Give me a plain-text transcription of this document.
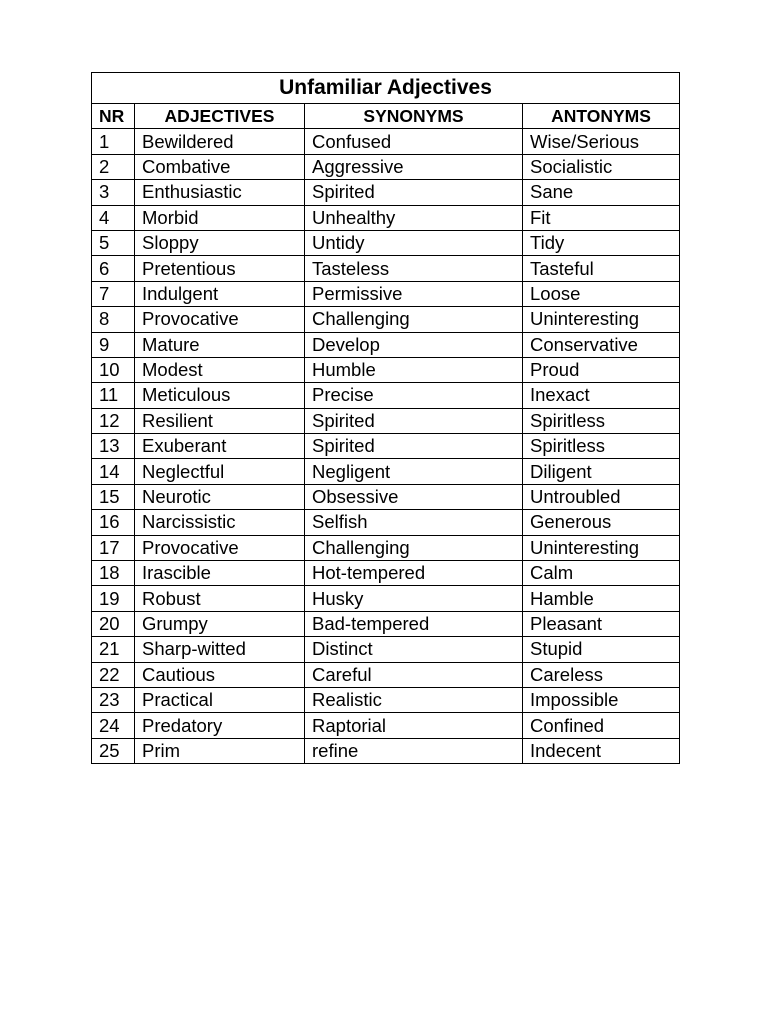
Unfamiliar Adjectives			
NR	ADJECTIVES	SYNONYMS	ANTONYMS
1	Bewildered	Confused	Wise/Serious
2	Combative	Aggressive	Socialistic
3	Enthusiastic	Spirited	Sane
4	Morbid	Unhealthy	Fit
5	Sloppy	Untidy	Tidy
6	Pretentious	Tasteless	Tasteful
7	Indulgent	Permissive	Loose
8	Provocative	Challenging	Uninteresting
9	Mature	Develop	Conservative
10	Modest	Humble	Proud
11	Meticulous	Precise	Inexact
12	Resilient	Spirited	Spiritless
13	Exuberant	Spirited	Spiritless
14	Neglectful	Negligent	Diligent
15	Neurotic	Obsessive	Untroubled
16	Narcissistic	Selfish	Generous
17	Provocative	Challenging	Uninteresting
18	Irascible	Hot-tempered	Calm
19	Robust	Husky	Hamble
20	Grumpy	Bad-tempered	Pleasant
21	Sharp-witted	Distinct	Stupid
22	Cautious	Careful	Careless
23	Practical	Realistic	Impossible
24	Predatory	Raptorial	Confined
25	Prim	refine	Indecent
